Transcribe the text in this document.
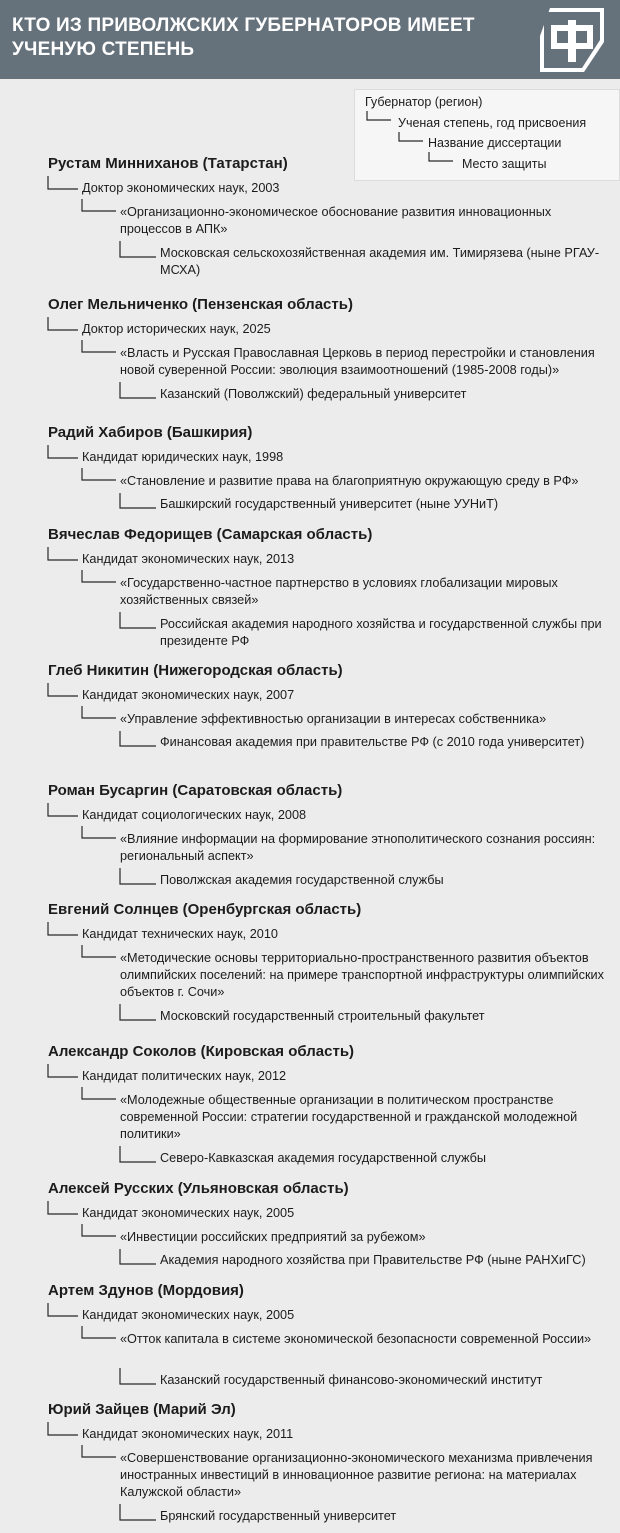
КТО ИЗ ПРИВОЛЖСКИХ ГУБЕРНАТОРОВ ИМЕЕТ УЧЕНУЮ СТЕПЕНЬ
Губернатор (регион)
Ученая степень, год присвоения
Название диссертации
Место защиты
Рустам Минниханов (Татарстан)
Доктор экономических наук, 2003
«Организационно-экономическое обоснование развития инновационных процессов в АПК»
Московская сельскохозяйственная академия им. Тимирязева (ныне РГАУ-МСХА)
Олег Мельниченко (Пензенская область)
Доктор исторических наук, 2025
«Власть и Русская Православная Церковь в период перестройки и становления новой суверенной России: эволюция взаимоотношений (1985-2008 годы)»
Казанский (Поволжский) федеральный университет
Радий Хабиров (Башкирия)
Кандидат юридических наук, 1998
«Становление и развитие права на благоприятную окружающую среду в РФ»
Башкирский государственный университет (ныне УУНиТ)
Вячеслав Федорищев (Самарская область)
Кандидат экономических наук, 2013
«Государственно-частное партнерство в условиях глобализации мировых хозяйственных связей»
Российская академия народного хозяйства и государственной службы при президенте РФ
Глеб Никитин (Нижегородская область)
Кандидат экономических наук, 2007
«Управление эффективностью организации в интересах собственника»
Финансовая академия при правительстве РФ (с 2010 года университет)
Роман Бусаргин (Саратовская область)
Кандидат социологических наук, 2008
«Влияние информации на формирование этнополитического сознания россиян: региональный аспект»
Поволжская академия государственной службы
Евгений Солнцев (Оренбургская область)
Кандидат технических наук, 2010
«Методические основы территориально-пространственного развития объектов олимпийских поселений: на примере транспортной инфраструктуры олимпийских объектов г. Сочи»
Московский государственный строительный факультет
Александр Соколов (Кировская область)
Кандидат политических наук, 2012
«Молодежные общественные организации в политическом пространстве современной России: стратегии государственной и гражданской молодежной политики»
Северо-Кавказская академия государственной службы
Алексей Русских (Ульяновская область)
Кандидат экономических наук, 2005
«Инвестиции российских предприятий за рубежом»
Академия народного хозяйства при Правительстве РФ (ныне РАНХиГС)
Артем Здунов (Мордовия)
Кандидат экономических наук, 2005
«Отток капитала в системе экономической безопасности современной России»
Казанский государственный финансово-экономический институт
Юрий Зайцев (Марий Эл)
Кандидат экономических наук, 2011
«Совершенствование организационно-экономического механизма привлечения иностранных инвестиций в инновационное развитие региона: на материалах Калужской области»
Брянский государственный университет
